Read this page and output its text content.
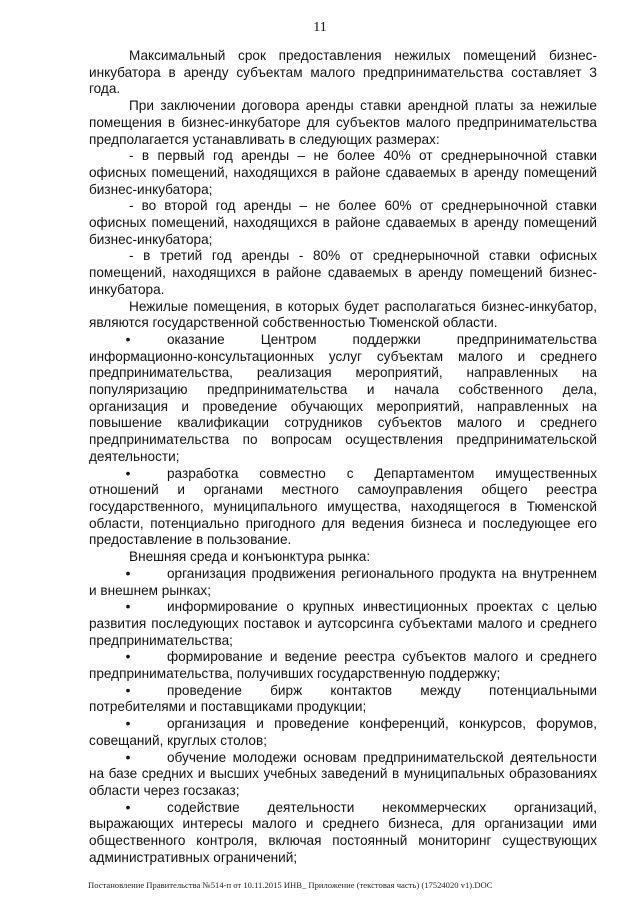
11

Максимальный срок предоставления нежилых помещений бизнес-инкубатора в аренду субъектам малого предпринимательства составляет 3 года.

При заключении договора аренды ставки арендной платы за нежилые помещения в бизнес-инкубаторе для субъектов малого предпринимательства предполагается устанавливать в следующих размерах:

- в первый год аренды – не более 40% от среднерыночной ставки офисных помещений, находящихся в районе сдаваемых в аренду помещений бизнес-инкубатора;

- во второй год аренды – не более 60% от среднерыночной ставки офисных помещений, находящихся в районе сдаваемых в аренду помещений бизнес-инкубатора;

- в третий год аренды - 80% от среднерыночной ставки офисных помещений, находящихся в районе сдаваемых в аренду помещений бизнес-инкубатора.

Нежилые помещения, в которых будет располагаться бизнес-инкубатор, являются государственной собственностью Тюменской области.

•	оказание Центром поддержки предпринимательства информационно-консультационных услуг субъектам малого и среднего предпринимательства, реализация мероприятий, направленных на популяризацию предпринимательства и начала собственного дела, организация и проведение обучающих мероприятий, направленных на повышение квалификации сотрудников субъектов малого и среднего предпринимательства по вопросам осуществления предпринимательской деятельности;

•	разработка совместно с Департаментом имущественных отношений и органами местного самоуправления общего реестра государственного, муниципального имущества, находящегося в Тюменской области, потенциально пригодного для ведения бизнеса и последующее его предоставление в пользование.

Внешняя среда и конъюнктура рынка:

•	организация продвижения регионального продукта на внутреннем и внешнем рынках;

•	информирование о крупных инвестиционных проектах с целью развития последующих поставок и аутсорсинга субъектами малого и среднего предпринимательства;

•	формирование и ведение реестра субъектов малого и среднего предпринимательства, получивших государственную поддержку;

•	проведение бирж контактов между потенциальными потребителями и поставщиками продукции;

•	организация и проведение конференций, конкурсов, форумов, совещаний, круглых столов;

•	обучение молодежи основам предпринимательской деятельности на базе средних и высших учебных заведений в муниципальных образованиях области через госзаказ;

•	содействие деятельности некоммерческих организаций, выражающих интересы малого и среднего бизнеса, для организации ими общественного контроля, включая постоянный мониторинг существующих административных ограничений;

Постановление Правительства №514-п от 10.11.2015 ИНВ_ Приложение (текстовая часть) (17524020 v1).DOC
